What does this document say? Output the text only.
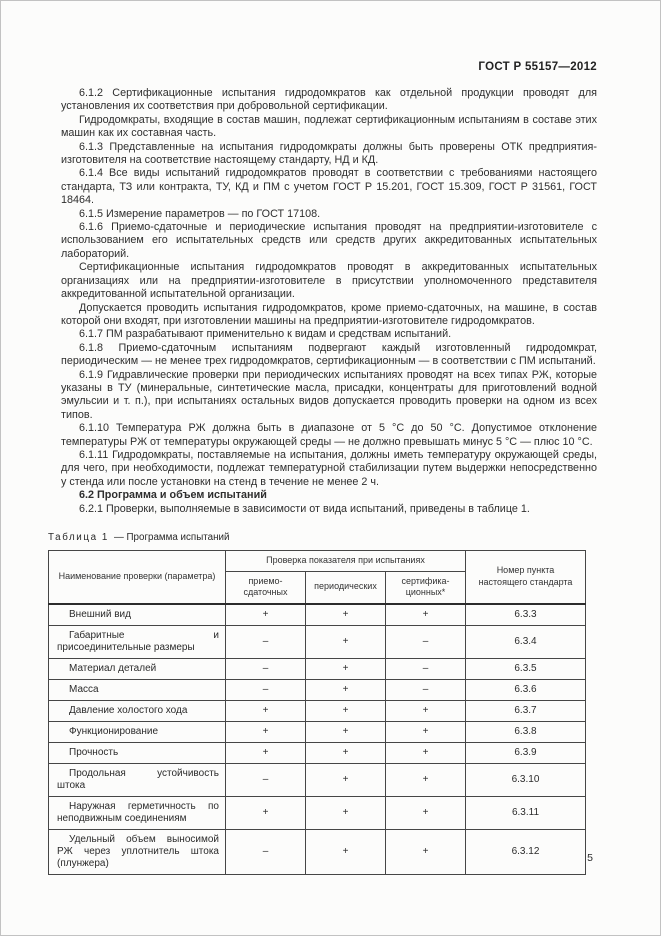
ГОСТ Р 55157—2012

6.1.2 Сертификационные испытания гидродомкратов как отдельной продукции проводят для установления их соответствия при добровольной сертификации.

Гидродомкраты, входящие в состав машин, подлежат сертификационным испытаниям в составе этих машин как их составная часть.

6.1.3 Представленные на испытания гидродомкраты должны быть проверены ОТК предприятия-изготовителя на соответствие настоящему стандарту, НД и КД.

6.1.4 Все виды испытаний гидродомкратов проводят в соответствии с требованиями настоящего стандарта, ТЗ или контракта, ТУ, КД и ПМ с учетом ГОСТ Р 15.201, ГОСТ 15.309, ГОСТ Р 31561, ГОСТ 18464.

6.1.5 Измерение параметров — по ГОСТ 17108.

6.1.6 Приемо-сдаточные и периодические испытания проводят на предприятии-изготовителе с использованием его испытательных средств или средств других аккредитованных испытательных лабораторий.

Сертификационные испытания гидродомкратов проводят в аккредитованных испытательных организациях или на предприятии-изготовителе в присутствии уполномоченного представителя аккредитованной испытательной организации.

Допускается проводить испытания гидродомкратов, кроме приемо-сдаточных, на машине, в состав которой они входят, при изготовлении машины на предприятии-изготовителе гидродомкратов.

6.1.7 ПМ разрабатывают применительно к видам и средствам испытаний.

6.1.8 Приемо-сдаточным испытаниям подвергают каждый изготовленный гидродомкрат, периодическим — не менее трех гидродомкратов, сертификационным — в соответствии с ПМ испытаний.

6.1.9 Гидравлические проверки при периодических испытаниях проводят на всех типах РЖ, которые указаны в ТУ (минеральные, синтетические масла, присадки, концентраты для приготовлений водной эмульсии и т. п.), при испытаниях остальных видов допускается проводить проверки на одном из всех типов.

6.1.10 Температура РЖ должна быть в диапазоне от 5 °С до 50 °С. Допустимое отклонение температуры РЖ от температуры окружающей среды — не должно превышать минус 5 °С — плюс 10 °С.

6.1.11 Гидродомкраты, поставляемые на испытания, должны иметь температуру окружающей среды, для чего, при необходимости, подлежат температурной стабилизации путем выдержки непосредственно у стенда или после установки на стенд в течение не менее 2 ч.

6.2 Программа и объем испытаний

6.2.1 Проверки, выполняемые в зависимости от вида испытаний, приведены в таблице 1.

Таблица 1 — Программа испытаний
Наименование проверки (параметра)	Проверка показателя при испытаниях			Номер пункта настоящего стандарта
	приемо-сдаточных	периодических	сертифика-ционных*	
Внешний вид	+	+	+	6.3.3
Габаритные и присоединительные размеры	–	+	–	6.3.4
Материал деталей	–	+	–	6.3.5
Масса	–	+	–	6.3.6
Давление холостого хода	+	+	+	6.3.7
Функционирование	+	+	+	6.3.8
Прочность	+	+	+	6.3.9
Продольная устойчивость штока	–	+	+	6.3.10
Наружная герметичность по неподвижным соединениям	+	+	+	6.3.11
Удельный объем выносимой РЖ через уплотнитель штока (плунжера)	–	+	+	6.3.12
5
